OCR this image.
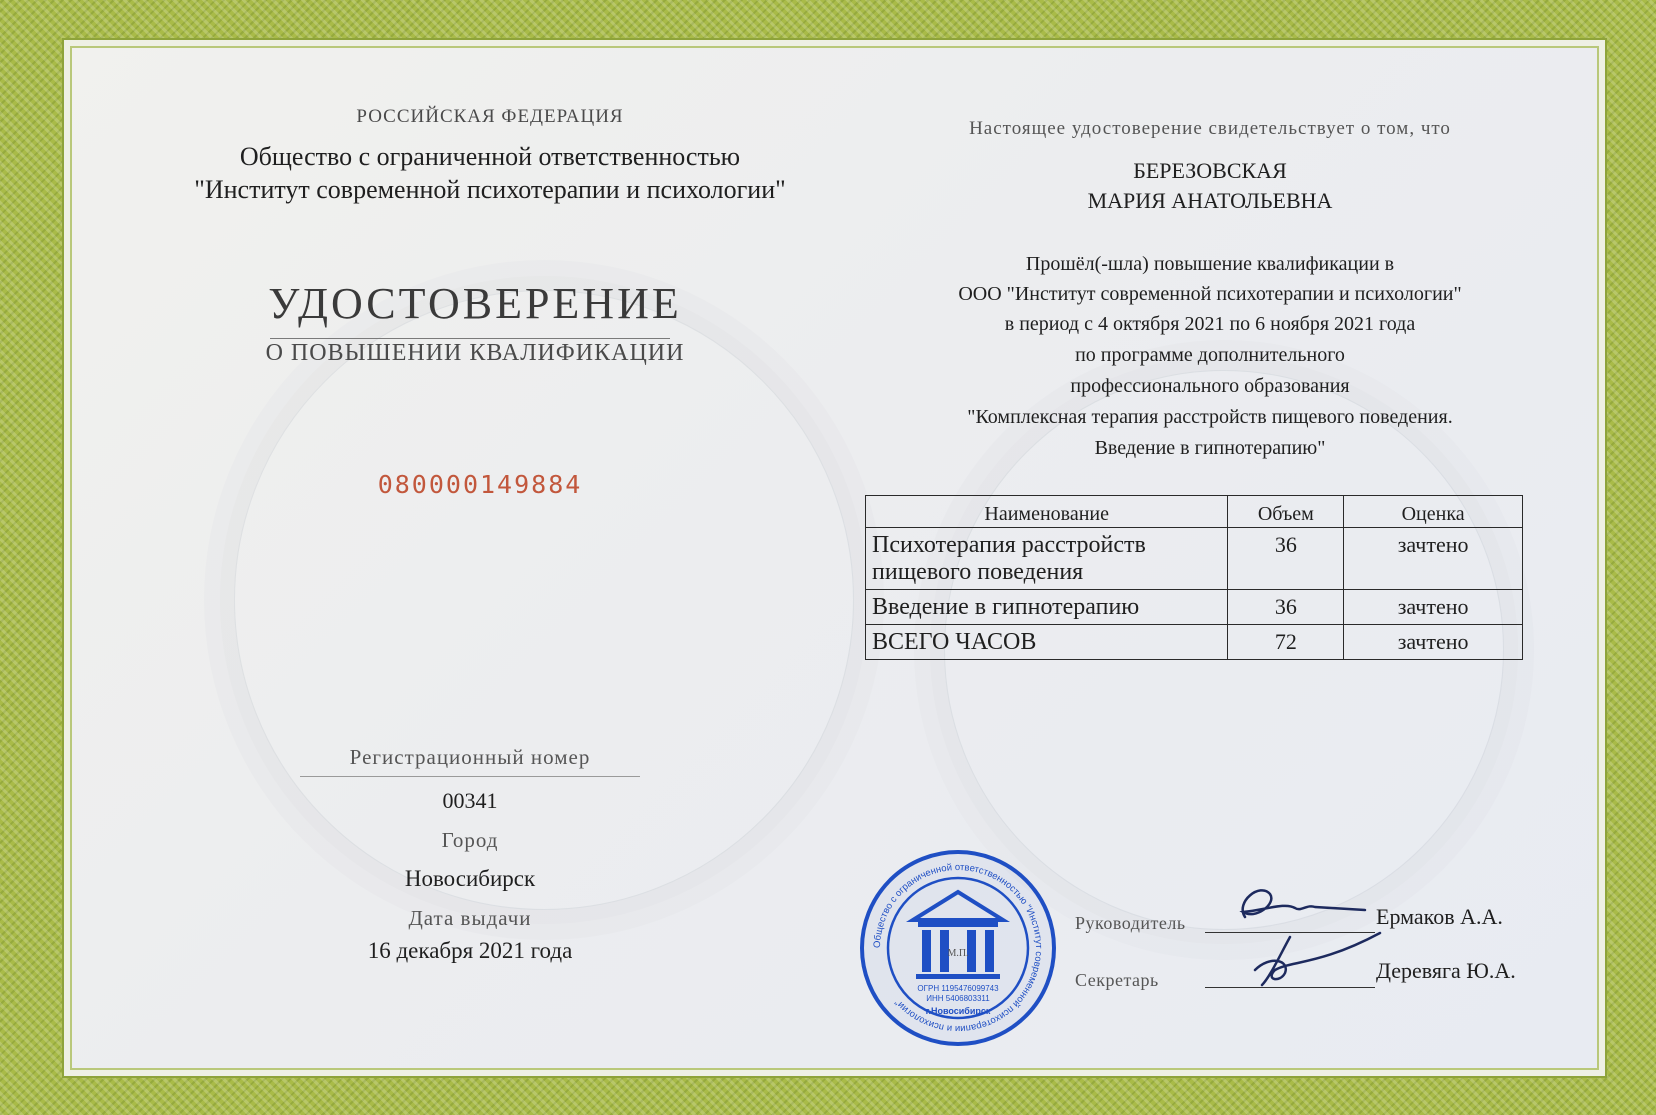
РОССИЙСКАЯ ФЕДЕРАЦИЯ
Общество с ограниченной ответственностью
"Институт современной психотерапии и психологии"
УДОСТОВЕРЕНИЕ
О ПОВЫШЕНИИ КВАЛИФИКАЦИИ
080000149884
Регистрационный номер
00341
Город
Новосибирск
Дата выдачи
16 декабря 2021 года
Настоящее удостоверение свидетельствует о том, что
БЕРЕЗОВСКАЯ
МАРИЯ АНАТОЛЬЕВНА
Прошёл(-шла) повышение квалификации в
ООО "Институт современной психотерапии и психологии"
в период с 4 октября 2021 по 6 ноября 2021 года
по программе дополнительного
профессионального образования
"Комплексная терапия расстройств пищевого поведения.
Введение в гипнотерапию"
Наименование	Объем	Оценка
Психотерапия расстройств пищевого поведения	36	зачтено
Введение в гипнотерапию	36	зачтено
ВСЕГО ЧАСОВ	72	зачтено
Общество с ограниченной ответственностью "Институт современной психотерапии и психологии"
М.П.
ОГРН 1195476099743
ИНН 5406803311
г.Новосибирск
Руководитель	Ермаков А.А.
Секретарь	Деревяга Ю.А.
